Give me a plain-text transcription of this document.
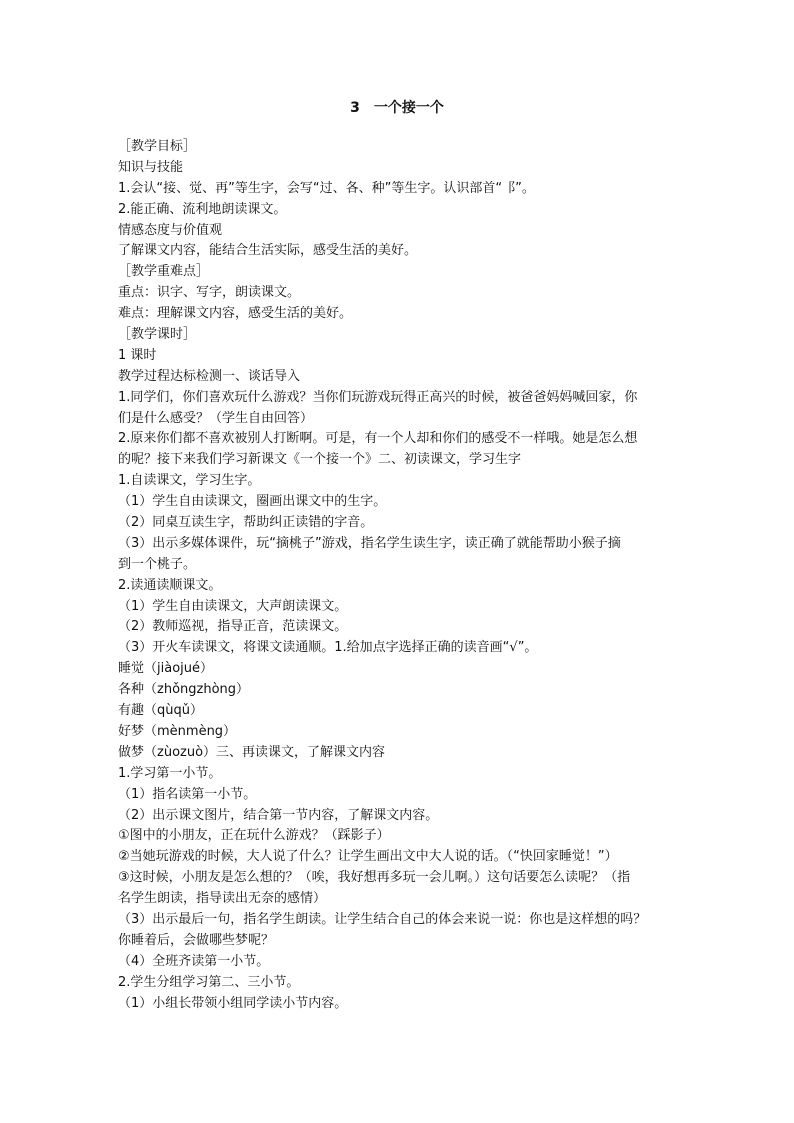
3　一个接一个
［教学目标］
知识与技能
1.会认“接、觉、再”等生字，会写“过、各、种”等生字。认识部首“⻏”。
2.能正确、流利地朗读课文。
情感态度与价值观
了解课文内容，能结合生活实际，感受生活的美好。
［教学重难点］
重点：识字、写字，朗读课文。
难点：理解课文内容，感受生活的美好。
［教学课时］
1 课时
教学过程达标检测一、谈话导入
1.同学们，你们喜欢玩什么游戏？当你们玩游戏玩得正高兴的时候，被爸爸妈妈喊回家，你
们是什么感受？（学生自由回答）
2.原来你们都不喜欢被别人打断啊。可是，有一个人却和你们的感受不一样哦。她是怎么想
的呢？接下来我们学习新课文《一个接一个》二、初读课文，学习生字
1.自读课文，学习生字。
（1）学生自由读课文，圈画出课文中的生字。
（2）同桌互读生字，帮助纠正读错的字音。
（3）出示多媒体课件，玩“摘桃子”游戏，指名学生读生字，读正确了就能帮助小猴子摘
到一个桃子。
2.读通读顺课文。
（1）学生自由读课文，大声朗读课文。
（2）教师巡视，指导正音，范读课文。
（3）开火车读课文，将课文读通顺。1.给加点字选择正确的读音画“√”。
睡觉（jiàojué）
各种（zhǒngzhòng）
有趣（qùqǔ）
好梦（mènmèng）
做梦（zùozuò）三、再读课文，了解课文内容
1.学习第一小节。
（1）指名读第一小节。
（2）出示课文图片，结合第一节内容，了解课文内容。
①图中的小朋友，正在玩什么游戏？（踩影子）
②当她玩游戏的时候，大人说了什么？让学生画出文中大人说的话。（“快回家睡觉！”）
③这时候，小朋友是怎么想的？（唉，我好想再多玩一会儿啊。）这句话要怎么读呢？（指
名学生朗读，指导读出无奈的感情）
（3）出示最后一句，指名学生朗读。让学生结合自己的体会来说一说：你也是这样想的吗？
你睡着后，会做哪些梦呢？
（4）全班齐读第一小节。
2.学生分组学习第二、三小节。
（1）小组长带领小组同学读小节内容。
